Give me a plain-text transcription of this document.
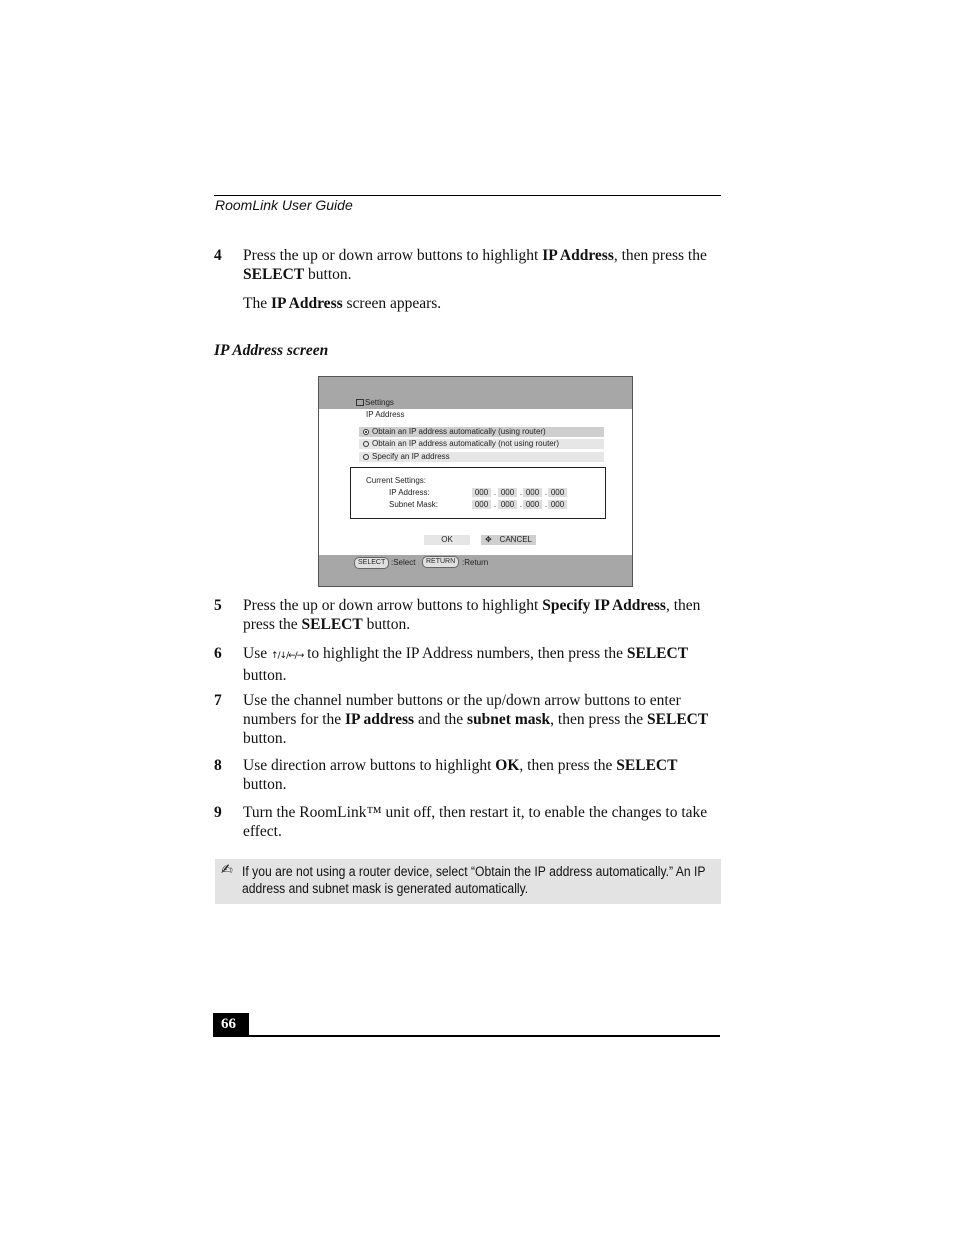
RoomLink User Guide
4 Press the up or down arrow buttons to highlight IP Address, then press the
SELECT button.
The IP Address screen appears.
IP Address screen
Settings
IP Address
Obtain an IP address automatically (using router)
Obtain an IP address automatically (not using router)
Specify an IP address
Current Settings:
IP Address:	000 . 000 . 000 . 000
Subnet Mask:	000 . 000 . 000 . 000
OK	✥ CANCEL
SELECT :Select	RETURN :Return
5 Press the up or down arrow buttons to highlight Specify IP Address, then press the SELECT button.
6 Use ↑/↓/←/→ to highlight the IP Address numbers, then press the SELECT button.
7 Use the channel number buttons or the up/down arrow buttons to enter numbers for the IP address and the subnet mask, then press the SELECT button.
8 Use direction arrow buttons to highlight OK, then press the SELECT button.
9 Turn the RoomLink™ unit off, then restart it, to enable the changes to take effect.
✍ If you are not using a router device, select “Obtain the IP address automatically.” An IP address and subnet mask is generated automatically.
66
